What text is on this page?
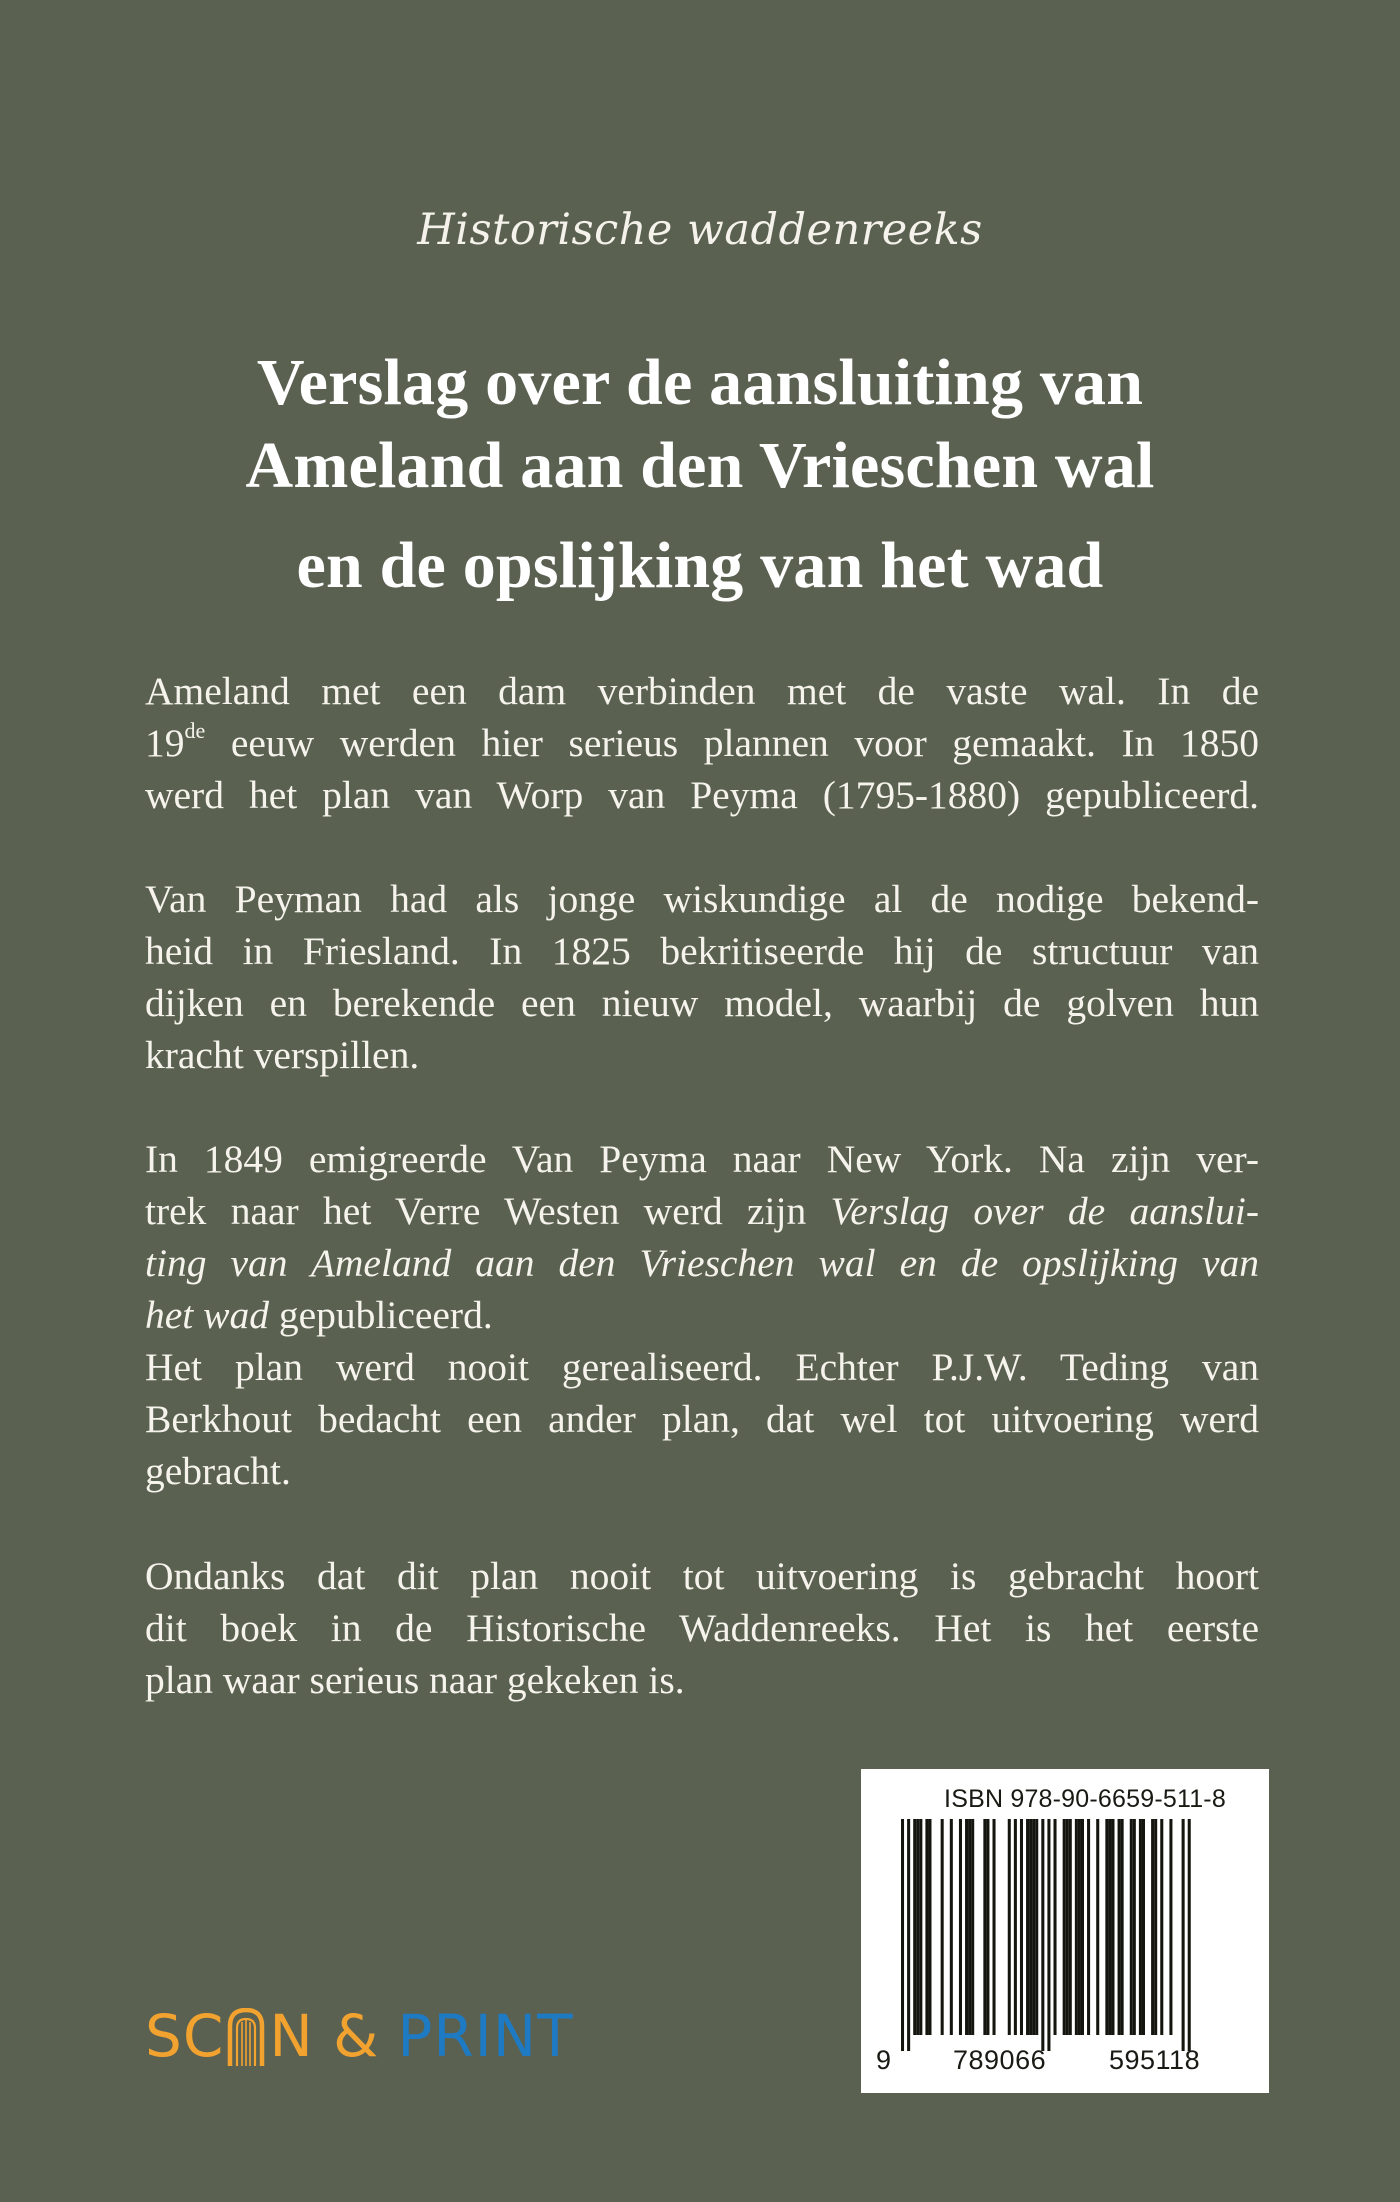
Historische waddenreeks
Verslag over de aansluiting van
Ameland aan den Vrieschen wal
en de opslijking van het wad
Ameland met een dam verbinden met de vaste wal. In de
19de eeuw werden hier serieus plannen voor gemaakt. In 1850
werd het plan van Worp van Peyma (1795-1880) gepubliceerd.
Van Peyman had als jonge wiskundige al de nodige bekend-
heid in Friesland. In 1825 bekritiseerde hij de structuur van
dijken en berekende een nieuw model, waarbij de golven hun
kracht verspillen.
In 1849 emigreerde Van Peyma naar New York. Na zijn ver-
trek naar het Verre Westen werd zijn Verslag over de aanslui-
ting van Ameland aan den Vrieschen wal en de opslijking van
het wad gepubliceerd.
Het plan werd nooit gerealiseerd. Echter P.J.W. Teding van
Berkhout bedacht een ander plan, dat wel tot uitvoering werd
gebracht.
Ondanks dat dit plan nooit tot uitvoering is gebracht hoort
dit boek in de Historische Waddenreeks. Het is het eerste
plan waar serieus naar gekeken is.
SC N & PRINT
ISBN 978-90-6659-511-8
9 789066 595118
